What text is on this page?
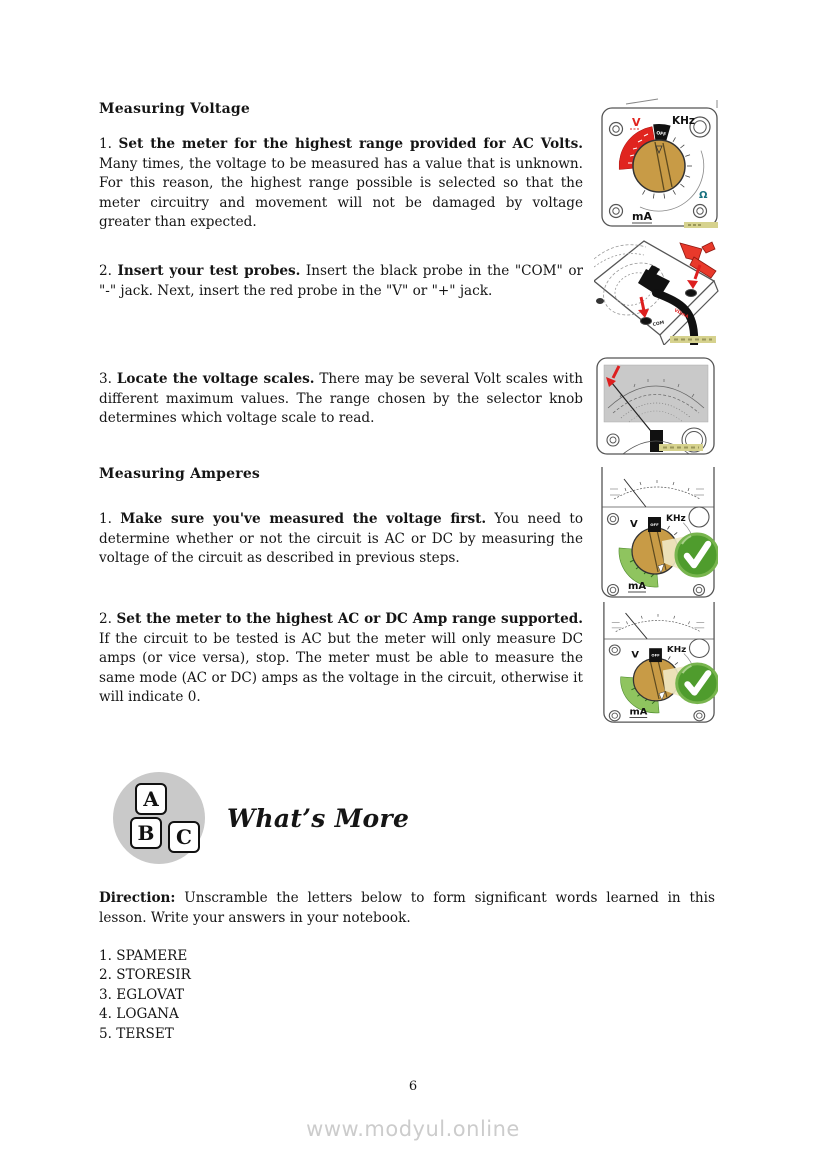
Measuring Voltage

1. Set the meter for the highest range provided for AC Volts. Many times, the voltage to be measured has a value that is unknown. For this reason, the highest range possible is selected so that the meter circuitry and movement will not be damaged by voltage greater than expected.

2. Insert your test probes. Insert the black probe in the "COM" or "-" jack. Next, insert the red probe in the "V" or "+" jack.

3. Locate the voltage scales. There may be several Volt scales with different maximum values. The range chosen by the selector knob determines which voltage scale to read.

Measuring Amperes

1. Make sure you've measured the voltage first. You need to determine whether or not the circuit is AC or DC by measuring the voltage of the circuit as described in previous steps.

2. Set the meter to the highest AC or DC Amp range supported. If the circuit to be tested is AC but the meter will only measure DC amps (or vice versa), stop. The meter must be able to measure the same mode (AC or DC) amps as the voltage in the circuit, otherwise it will indicate 0.

OFF
V	KHz
Ω
mA
COM
VΩmA
OFF
V	KHz
mA
OFF
V	KHz
mA
A
B	C
What’s More

Direction: Unscramble the letters below to form significant words learned in this lesson. Write your answers in your notebook.

1. SPAMERE
2. STORESIR
3. EGLOVAT
4. LOGANA
5. TERSET
6
www.modyul.online
